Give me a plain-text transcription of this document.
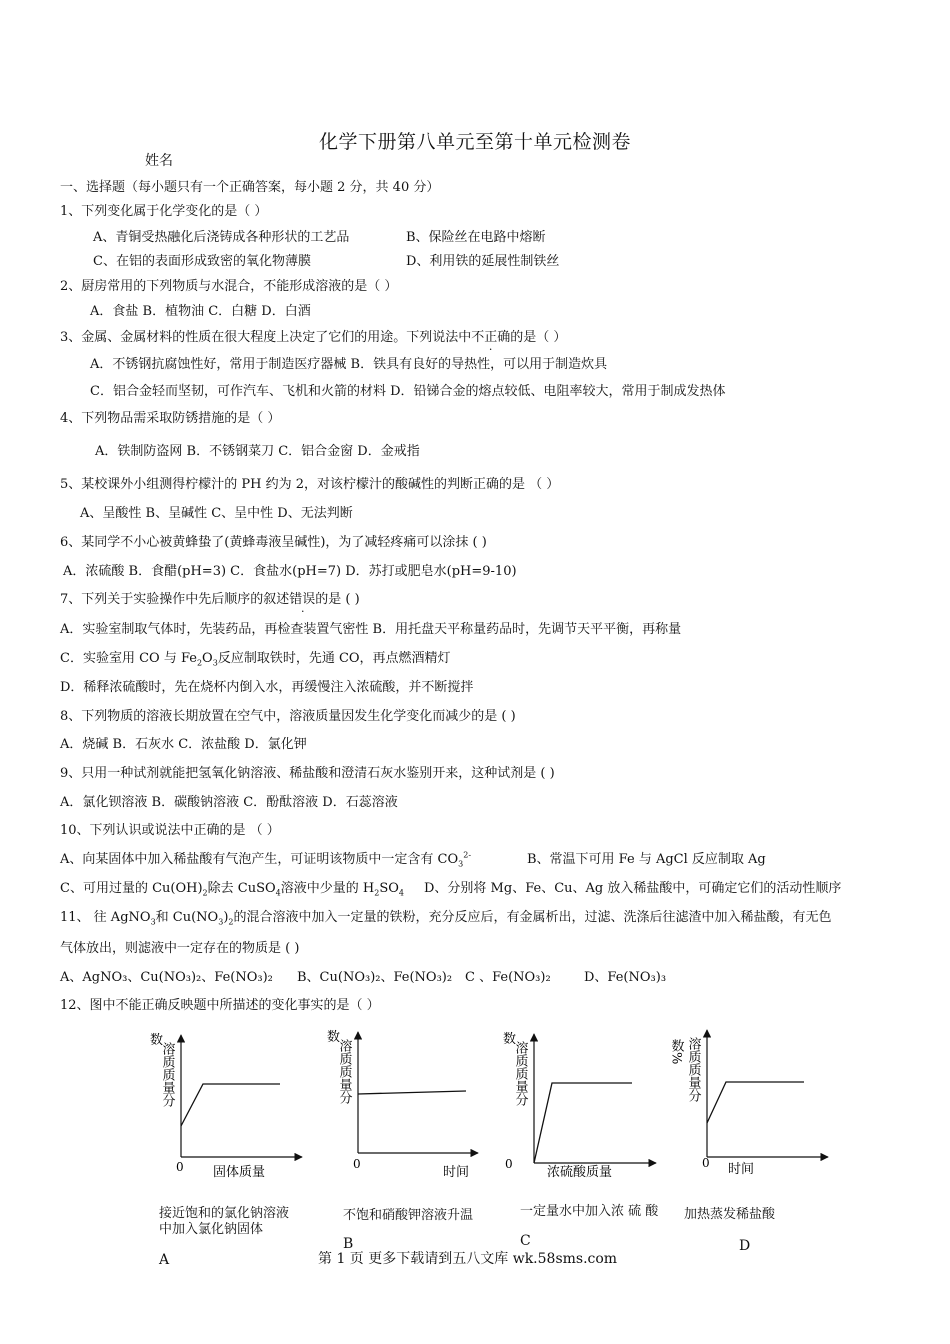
化学下册第八单元至第十单元检测卷
姓名
一、选择题（每小题只有一个正确答案，每小题 2 分，共 40 分）
1、下列变化属于化学变化的是（ ）
A、青铜受热融化后浇铸成各种形状的工艺品	B、保险丝在电路中熔断
C、在铝的表面形成致密的氧化物薄膜	D、利用铁的延展性制铁丝
2、厨房常用的下列物质与水混合，不能形成溶液的是（ ）
A．食盐 B．植物油 C．白糖 D．白酒
3、金属、金属材料的性质在很大程度上决定了它们的用途。下列说法中不正确的是（ ）
A．不锈钢抗腐蚀性好，常用于制造医疗器械 B．铁具有良好的导热性，可以用于制造炊具
C．铝合金轻而坚韧，可作汽车、飞机和火箭的材料 D．铅锑合金的熔点较低、电阻率较大，常用于制成发热体
4、下列物品需采取防锈措施的是（ ）
A．铁制防盗网 B．不锈钢菜刀 C．铝合金窗 D．金戒指
5、某校课外小组测得柠檬汁的 PH 约为 2，对该柠檬汁的酸碱性的判断正确的是 （ ）
A、呈酸性 B、呈碱性 C、呈中性 D、无法判断
6、某同学不小心被黄蜂蛰了(黄蜂毒液呈碱性)，为了减轻疼痛可以涂抹 ( )
A．浓硫酸 B．食醋(pH=3) C．食盐水(pH=7) D．苏打或肥皂水(pH=9-10)
7、下列关于实验操作中先后顺序的叙述错误的是 ( )
A．实验室制取气体时，先装药品，再检查装置气密性 B．用托盘天平称量药品时，先调节天平平衡，再称量
C．实验室用 CO 与 $Fe_2O_3$反应制取铁时，先通 CO，再点燃酒精灯
D．稀释浓硫酸时，先在烧杯内倒入水，再缓慢注入浓硫酸，并不断搅拌
8、下列物质的溶液长期放置在空气中，溶液质量因发生化学变化而减少的是 ( )
A．烧碱 B．石灰水 C．浓盐酸 D．氯化钾
9、只用一种试剂就能把氢氧化钠溶液、稀盐酸和澄清石灰水鉴别开来，这种试剂是 ( )
A．氯化钡溶液 B．碳酸钠溶液 C．酚酞溶液 D．石蕊溶液
10、下列认识或说法中正确的是 （ ）
A、向某固体中加入稀盐酸有气泡产生，可证明该物质中一定含有 $CO_3^{2-}$	B、常温下可用 Fe 与 AgCl 反应制取 Ag
C、可用过量的 $Cu(OH)_2$除去 CuSO$_4$溶液中少量的 $H_2SO_4$ D、分别将 Mg、Fe、Cu、Ag 放入稀盐酸中，可确定它们的活动性顺序
11、 往 AgNO$_3$和 $Cu(NO_3)_2$的混合溶液中加入一定量的铁粉，充分反应后，有金属析出，过滤、洗涤后往滤渣中加入稀盐酸，有无色
气体放出，则滤液中一定存在的物质是 ( )
A、AgNO₃、Cu(NO₃)₂、Fe(NO₃)₂ B、Cu(NO₃)₂、Fe(NO₃)₂ C 、Fe(NO₃)₂	D、Fe(NO₃)₃
12、图中不能正确反映题中所描述的变化事实的是（ ）
数
溶质质量分
0 固体质量
数
溶质质量分
0
时间
数
溶质质量分
0
浓硫酸质量
数% 溶质质量分
0 时间
接近饱和的氯化钠溶液
中加入氯化钠固体
不饱和硝酸钾溶液升温	一定量水中加入浓 硫 酸 加热蒸发稀盐酸
A
B	C	D
第 1 页 更多下载请到五八文库 wk.58sms.com
